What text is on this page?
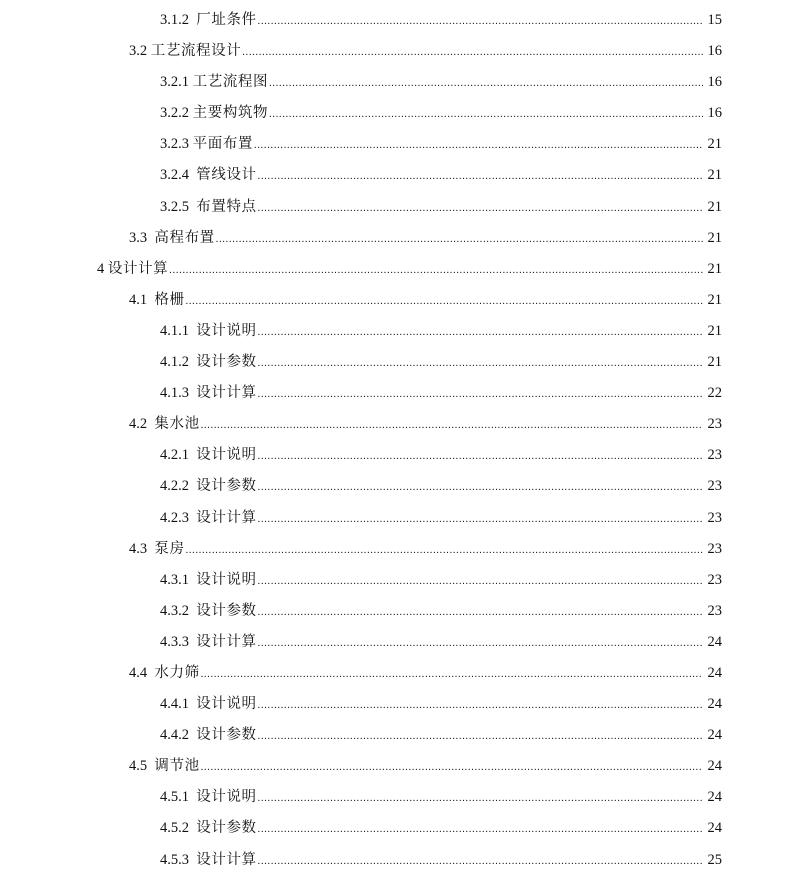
3.1.2 厂址条件 .....	15
3.2 工艺流程设计 .....	16
3.2.1 工艺流程图 .....	16
3.2.2 主要构筑物 .....	16
3.2.3 平面布置 .....	21
3.2.4 管线设计 .....	21
3.2.5 布置特点 .....	21
3.3 高程布置 .....	21
4 设计计算 .....	21
4.1 格栅 .....	21
4.1.1 设计说明 .....	21
4.1.2 设计参数 .....	21
4.1.3 设计计算 .....	22
4.2 集水池 .....	23
4.2.1 设计说明 .....	23
4.2.2 设计参数 .....	23
4.2.3 设计计算 .....	23
4.3 泵房 .....	23
4.3.1 设计说明 .....	23
4.3.2 设计参数 .....	23
4.3.3 设计计算 .....	24
4.4 水力筛 .....	24
4.4.1 设计说明 .....	24
4.4.2 设计参数 .....	24
4.5 调节池 .....	24
4.5.1 设计说明 .....	24
4.5.2 设计参数 .....	24
4.5.3 设计计算 .....	25
